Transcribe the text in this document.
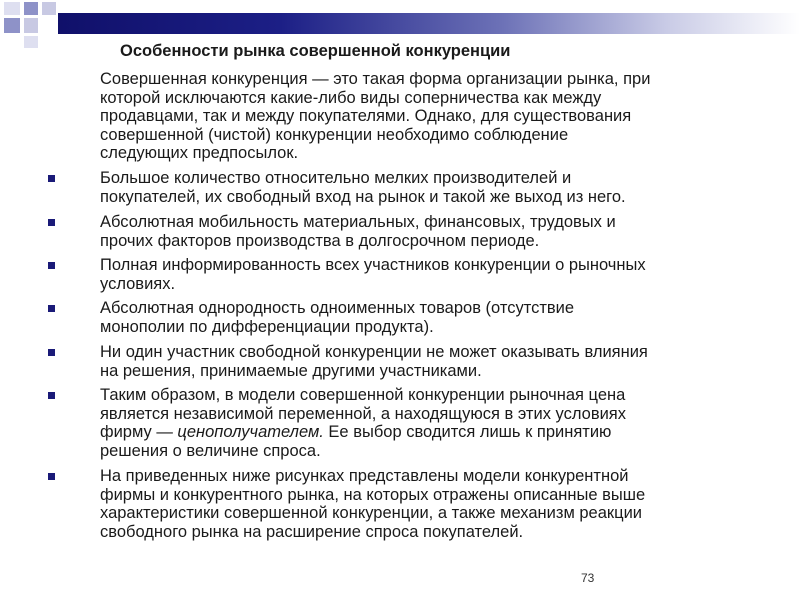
Особенности рынка совершенной конкуренции
Совершенная конкуренция — это такая форма организации рынка, при
которой исключаются какие-либо виды соперничества как между
продавцами, так и между покупателями. Однако, для существования
совершенной (чистой) конкуренции необходимо соблюдение
следующих предпосылок.
Большое количество относительно мелких производителей и
покупателей, их свободный вход на рынок и такой же выход из него.
Абсолютная мобильность материальных, финансовых, трудовых и
прочих факторов производства в долгосрочном периоде.
Полная информированность всех участников конкуренции о рыночных
условиях.
Абсолютная однородность одноименных товаров (отсутствие
монополии по дифференциации продукта).
Ни один участник свободной конкуренции не может оказывать влияния
на решения, принимаемые другими участниками.
Таким образом, в модели совершенной конкуренции рыночная цена
является независимой переменной, а находящуюся в этих условиях
фирму — ценополучателем. Ее выбор сводится лишь к принятию
решения о величине спроса.
На приведенных ниже рисунках представлены модели конкурентной
фирмы и конкурентного рынка, на которых отражены описанные выше
характеристики совершенной конкуренции, а также механизм реакции
свободного рынка на расширение спроса покупателей.
73
